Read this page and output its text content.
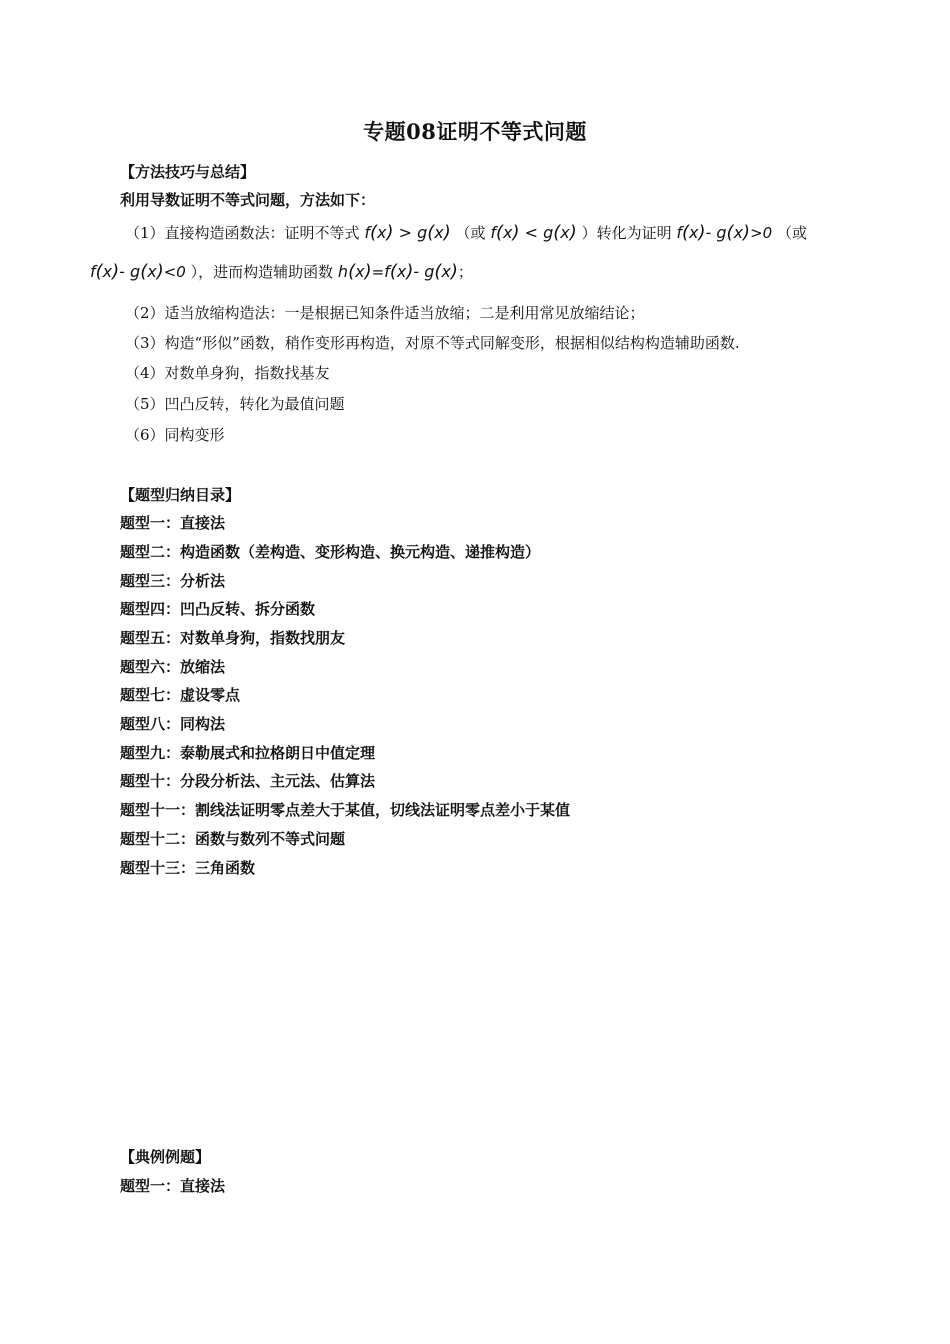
专题08证明不等式问题
【方法技巧与总结】
利用导数证明不等式问题，方法如下：
（1）直接构造函数法：证明不等式 f(x) > g(x) （或 f(x) < g(x) ）转化为证明 f(x)- g(x)>0 （或
f(x)- g(x)<0 ），进而构造辅助函数 h(x)=f(x)- g(x)；
（2）适当放缩构造法：一是根据已知条件适当放缩；二是利用常见放缩结论；
（3）构造“形似”函数，稍作变形再构造，对原不等式同解变形，根据相似结构构造辅助函数.
（4）对数单身狗，指数找基友
（5）凹凸反转，转化为最值问题
（6）同构变形
【题型归纳目录】
题型一：直接法
题型二：构造函数（差构造、变形构造、换元构造、递推构造）
题型三：分析法
题型四：凹凸反转、拆分函数
题型五：对数单身狗，指数找朋友
题型六：放缩法
题型七：虚设零点
题型八：同构法
题型九：泰勒展式和拉格朗日中值定理
题型十：分段分析法、主元法、估算法
题型十一：割线法证明零点差大于某值，切线法证明零点差小于某值
题型十二：函数与数列不等式问题
题型十三：三角函数
【典例例题】
题型一：直接法
